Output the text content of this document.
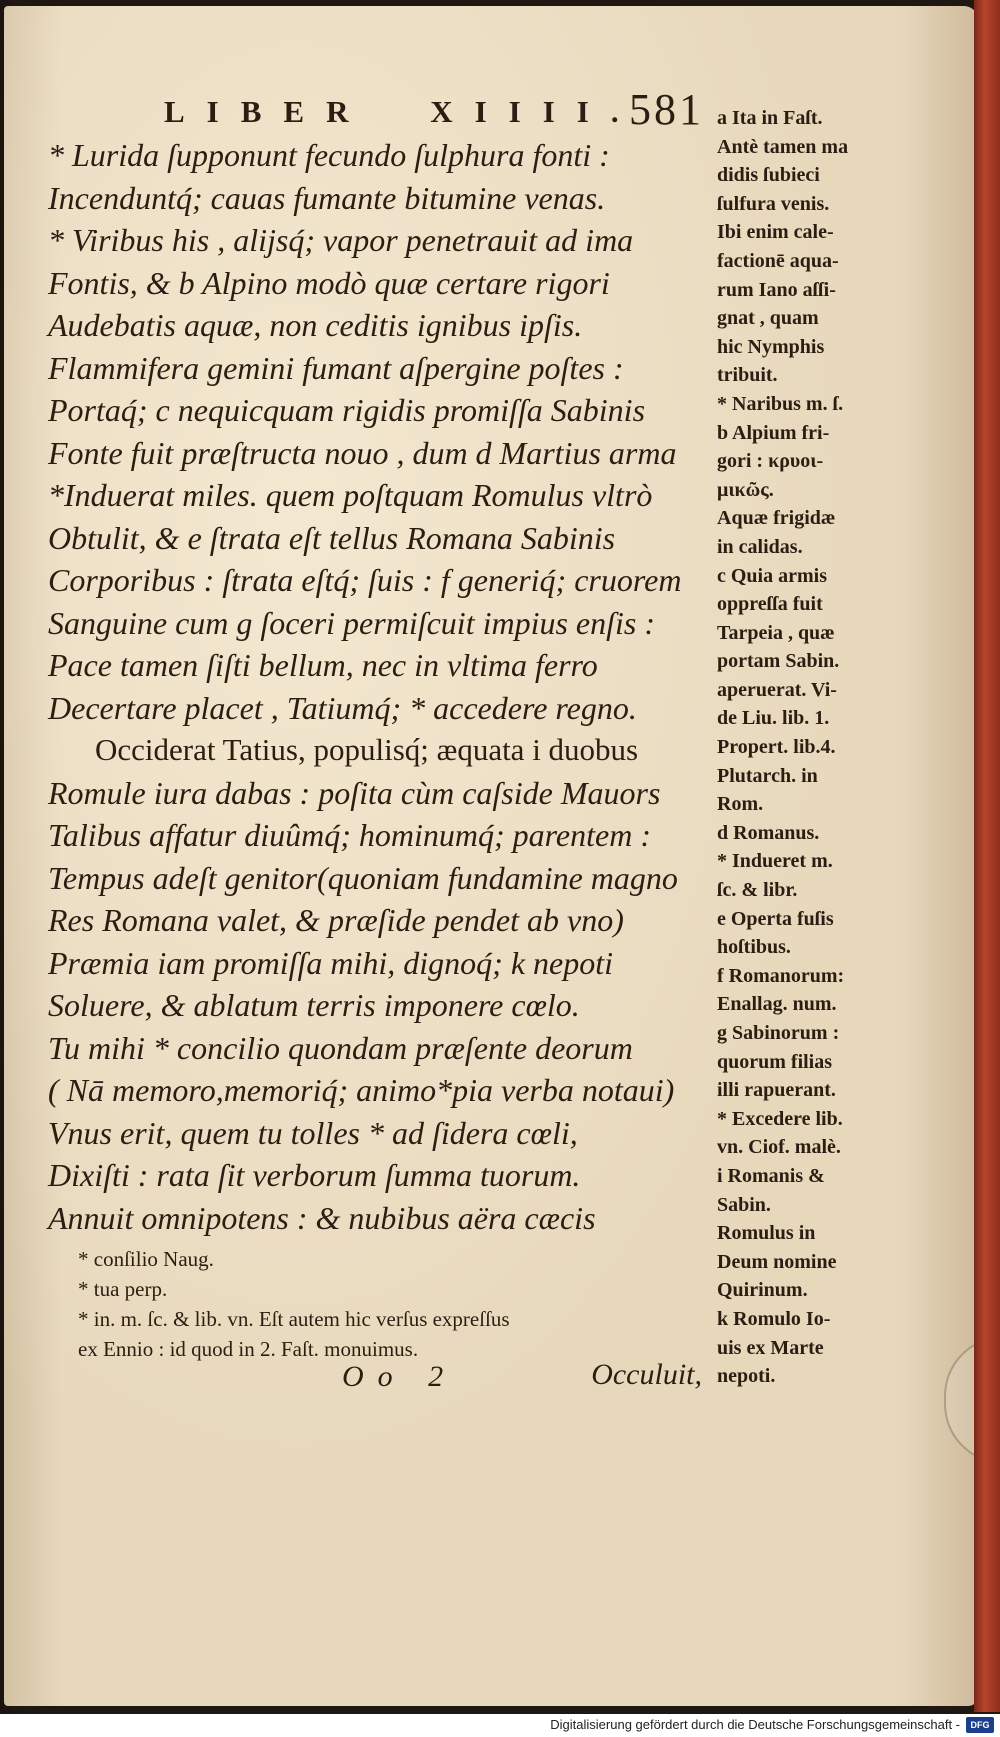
LIBER XIIII.
581
* Lurida ſupponunt fecundo ſulphura fonti :
Incenduntq́; cauas fumante bitumine venas.
* Viribus his , alijsq́; vapor penetrauit ad ima
Fontis, & b Alpino modò quæ certare rigori
Audebatis aquæ, non ceditis ignibus ipſis.
Flammifera gemini fumant aſpergine poſtes :
Portaq́; c nequicquam rigidis promiſſa Sabinis
Fonte fuit præſtructa nouo , dum d Martius arma
*Induerat miles. quem poſtquam Romulus vltrò
Obtulit, & e ſtrata eſt tellus Romana Sabinis
Corporibus : ſtrata eſtq́; ſuis : f generiq́; cruorem
Sanguine cum g ſoceri permiſcuit impius enſis :
Pace tamen ſiſti bellum, nec in vltima ferro
Decertare placet , Tatiumq́; * accedere regno.
Occiderat Tatius, populisq́; æquata i duobus
Romule iura dabas : poſita cùm caſside Mauors
Talibus affatur diuûmq́; hominumq́; parentem :
Tempus adeſt genitor(quoniam fundamine magno
Res Romana valet, & præſide pendet ab vno)
Præmia iam promiſſa mihi, dignoq́; k nepoti
Soluere, & ablatum terris imponere cœlo.
Tu mihi * concilio quondam præſente deorum
( Nā memoro,memoriq́; animo*pia verba notaui)
Vnus erit, quem tu tolles * ad ſidera cœli,
Dixiſti : rata ſit verborum ſumma tuorum.
Annuit omnipotens : & nubibus aëra cæcis
* conſilio Naug.
* tua perp.
* in. m. ſc. & lib. vn. Eſt autem hic verſus expreſſus
ex Ennio : id quod in 2. Faſt. monuimus.
Oo 2	Occuluit,
a Ita in Faſt.
Antè tamen ma
didis ſubieci
ſulfura venis.
Ibi enim cale-
factionē aqua-
rum Iano aſſi-
gnat , quam
hic Nymphis
tribuit.
* Naribus m. ſ.
b Alpium fri-
gori : κρυοι-
μικῶς.
Aquæ frigidæ
in calidas.
c Quia armis
oppreſſa fuit
Tarpeia , quæ
portam Sabin.
aperuerat. Vi-
de Liu. lib. 1.
Propert. lib.4.
Plutarch. in
Rom.
d Romanus.
* Indueret m.
ſc. & libr.
e Operta fuſis
hoſtibus.
f Romanorum:
Enallag. num.
g Sabinorum :
quorum filias
illi rapuerant.
* Excedere lib.
vn. Ciof. malè.
i Romanis &
Sabin.
Romulus in
Deum nomine
Quirinum.
k Romulo Io-
uis ex Marte
nepoti.
Digitalisierung gefördert durch die Deutsche Forschungsgemeinschaft -	DFG
